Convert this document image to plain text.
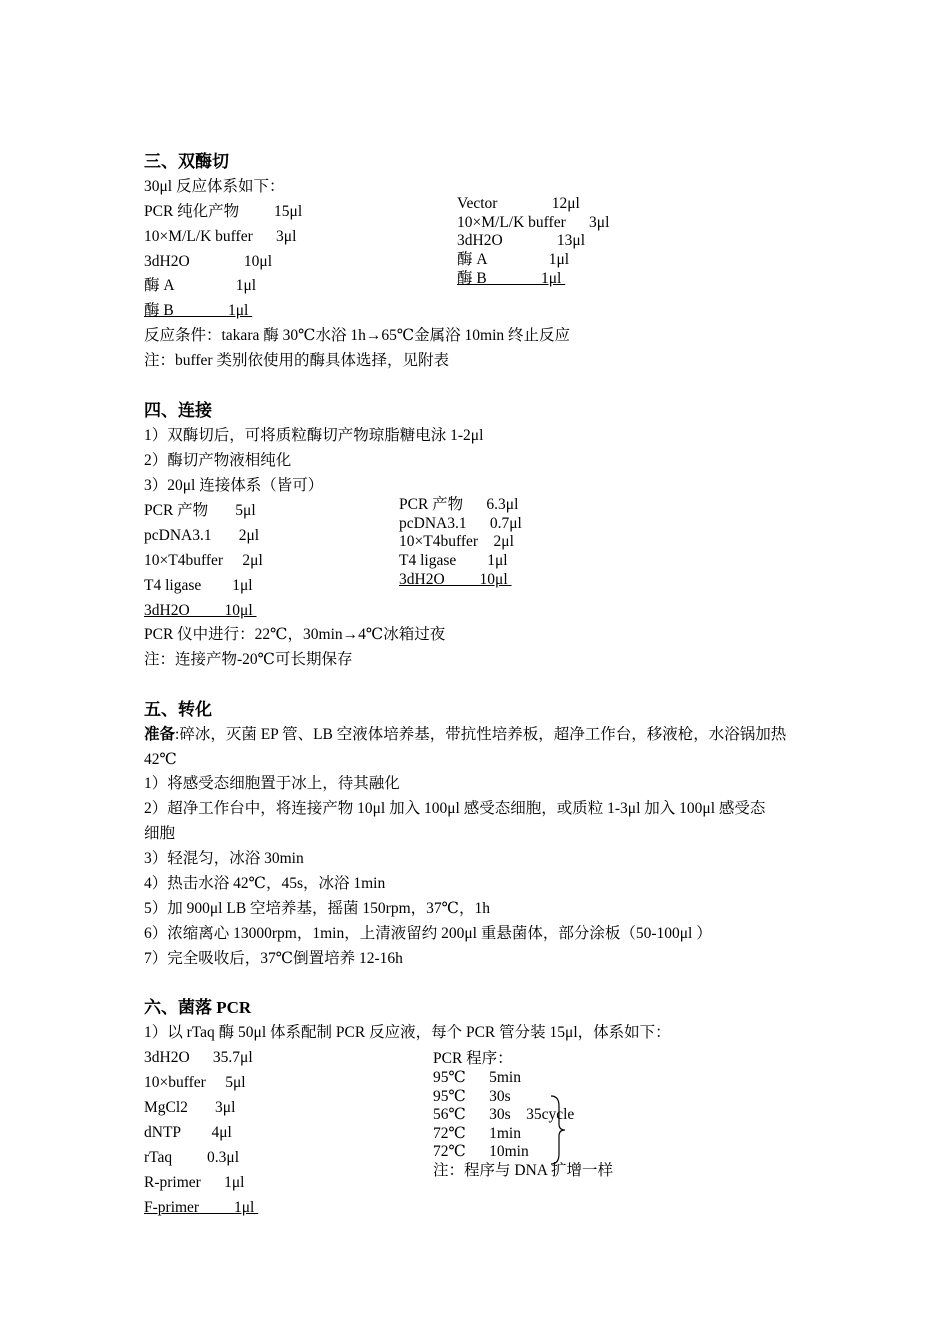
三、双酶切
30μl 反应体系如下：
PCR 纯化产物         15μl
10×M/L/K buffer      3μl
3dH2O              10μl
酶 A                1μl
酶 B              1μl
Vector              12μl
10×M/L/K buffer      3μl
3dH2O              13μl
酶 A                1μl
酶 B              1μl
反应条件：takara 酶 30℃水浴 1h→65℃金属浴 10min 终止反应
注：buffer 类别依使用的酶具体选择，见附表
四、连接
1）双酶切后，可将质粒酶切产物琼脂糖电泳 1-2μl
2）酶切产物液相纯化
3）20μl 连接体系（皆可）
PCR 产物       5μl
pcDNA3.1       2μl
10×T4buffer     2μl
T4 ligase        1μl
3dH2O         10μl
PCR 产物      6.3μl
pcDNA3.1      0.7μl
10×T4buffer    2μl
T4 ligase        1μl
3dH2O         10μl
PCR 仪中进行：22℃，30min→4℃冰箱过夜
注：连接产物-20℃可长期保存
五、转化
准备:碎冰，灭菌 EP 管、LB 空液体培养基，带抗性培养板，超净工作台，移液枪，水浴锅加热
42℃
1）将感受态细胞置于冰上，待其融化
2）超净工作台中，将连接产物 10μl 加入 100μl 感受态细胞，或质粒 1-3μl 加入 100μl 感受态
细胞
3）轻混匀，冰浴 30min
4）热击水浴 42℃，45s，冰浴 1min
5）加 900μl LB 空培养基，摇菌 150rpm，37℃，1h
6）浓缩离心 13000rpm，1min，上清液留约 200μl 重悬菌体，部分涂板（50-100μl ）
7）完全吸收后，37℃倒置培养 12-16h
六、菌落 PCR
1）以 rTaq 酶 50μl 体系配制 PCR 反应液，每个 PCR 管分装 15μl，体系如下：
3dH2O      35.7μl
10×buffer     5μl
MgCl2       3μl
dNTP        4μl
rTaq         0.3μl
R-primer      1μl
F-primer         1μl
PCR 程序：
95℃      5min
95℃      30s
56℃      30s    35cycle
72℃      1min
72℃      10min
注：程序与 DNA 扩增一样
